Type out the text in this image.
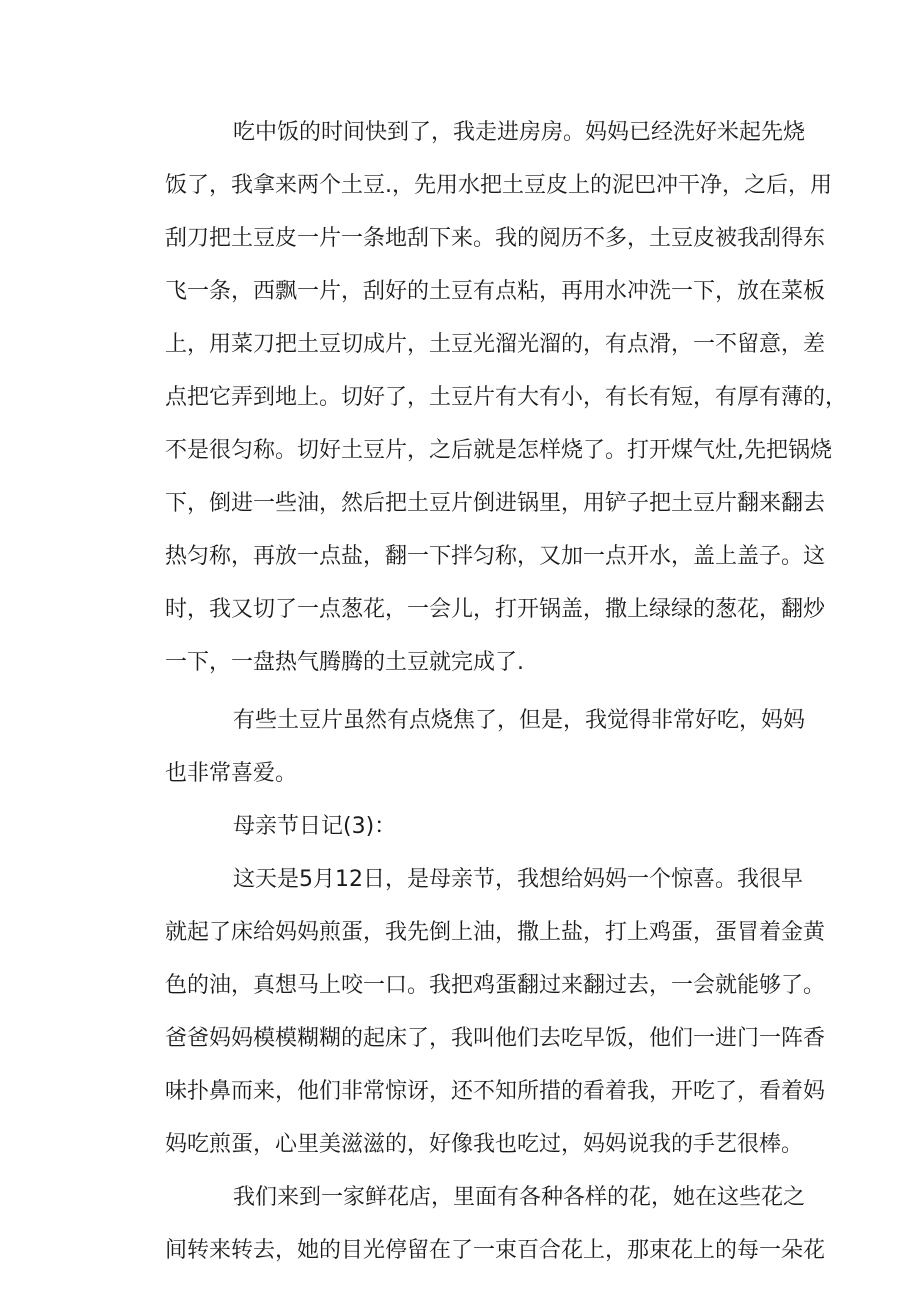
吃中饭的时间快到了，我走进房房。妈妈已经洗好米起先烧
饭了，我拿来两个土豆.，先用水把土豆皮上的泥巴冲干净，之后，用
刮刀把土豆皮一片一条地刮下来。我的阅历不多，土豆皮被我刮得东
飞一条，西飘一片，刮好的土豆有点粘，再用水冲洗一下，放在菜板
上，用菜刀把土豆切成片，土豆光溜光溜的，有点滑，一不留意，差
点把它弄到地上。切好了，土豆片有大有小，有长有短，有厚有薄的，
不是很匀称。切好土豆片，之后就是怎样烧了。打开煤气灶,先把锅烧
下，倒进一些油，然后把土豆片倒进锅里，用铲子把土豆片翻来翻去
热匀称，再放一点盐，翻一下拌匀称，又加一点开水，盖上盖子。这
时，我又切了一点葱花，一会儿，打开锅盖，撒上绿绿的葱花，翻炒
一下，一盘热气腾腾的土豆就完成了.
有些土豆片虽然有点烧焦了，但是，我觉得非常好吃，妈妈
也非常喜爱。
母亲节日记(3)：
这天是5月12日，是母亲节，我想给妈妈一个惊喜。我很早
就起了床给妈妈煎蛋，我先倒上油，撒上盐，打上鸡蛋，蛋冒着金黄
色的油，真想马上咬一口。我把鸡蛋翻过来翻过去，一会就能够了。
爸爸妈妈模模糊糊的起床了，我叫他们去吃早饭，他们一进门一阵香
味扑鼻而来，他们非常惊讶，还不知所措的看着我，开吃了，看着妈
妈吃煎蛋，心里美滋滋的，好像我也吃过，妈妈说我的手艺很棒。
我们来到一家鲜花店，里面有各种各样的花，她在这些花之
间转来转去，她的目光停留在了一束百合花上，那束花上的每一朵花
